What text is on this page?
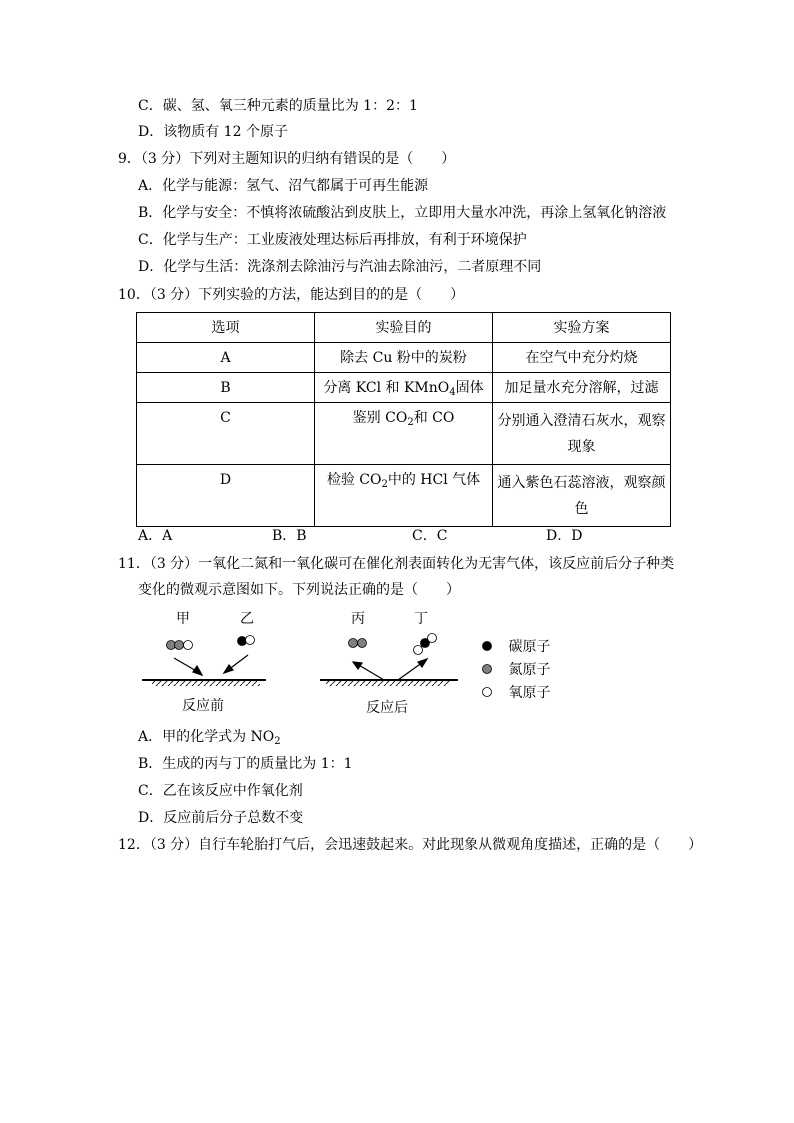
C．碳、氢、氧三种元素的质量比为 1：2：1
D．该物质有 12 个原子
9．（3 分）下列对主题知识的归纳有错误的是（　　）
A．化学与能源：氢气、沼气都属于可再生能源
B．化学与安全：不慎将浓硫酸沾到皮肤上，立即用大量水冲洗，再涂上氢氧化钠溶液
C．化学与生产：工业废液处理达标后再排放，有利于环境保护
D．化学与生活：洗涤剂去除油污与汽油去除油污，二者原理不同
10．（3 分）下列实验的方法，能达到目的的是（　　）
选项	实验目的	实验方案
A	除去 Cu 粉中的炭粉	在空气中充分灼烧
B	分离 KCl 和 KMnO$_4$固体	加足量水充分溶解，过滤
C	鉴别 $CO_2$和 CO	分别通入澄清石灰水，观察现象
D	检验 $CO_2$中的 HCl 气体	通入紫色石蕊溶液，观察颜色
A．A	B．B	C．C	D．D
11．（3 分）一氧化二氮和一氧化碳可在催化剂表面转化为无害气体，该反应前后分子种类
变化的微观示意图如下。下列说法正确的是（　　）
甲	乙	丙	丁
反应前	反应后
碳原子
氮原子
氧原子
A．甲的化学式为 $NO_2$
B．生成的丙与丁的质量比为 1：1
C．乙在该反应中作氧化剂
D．反应前后分子总数不变
12．（3 分）自行车轮胎打气后，会迅速鼓起来。对此现象从微观角度描述，正确的是（　　）
